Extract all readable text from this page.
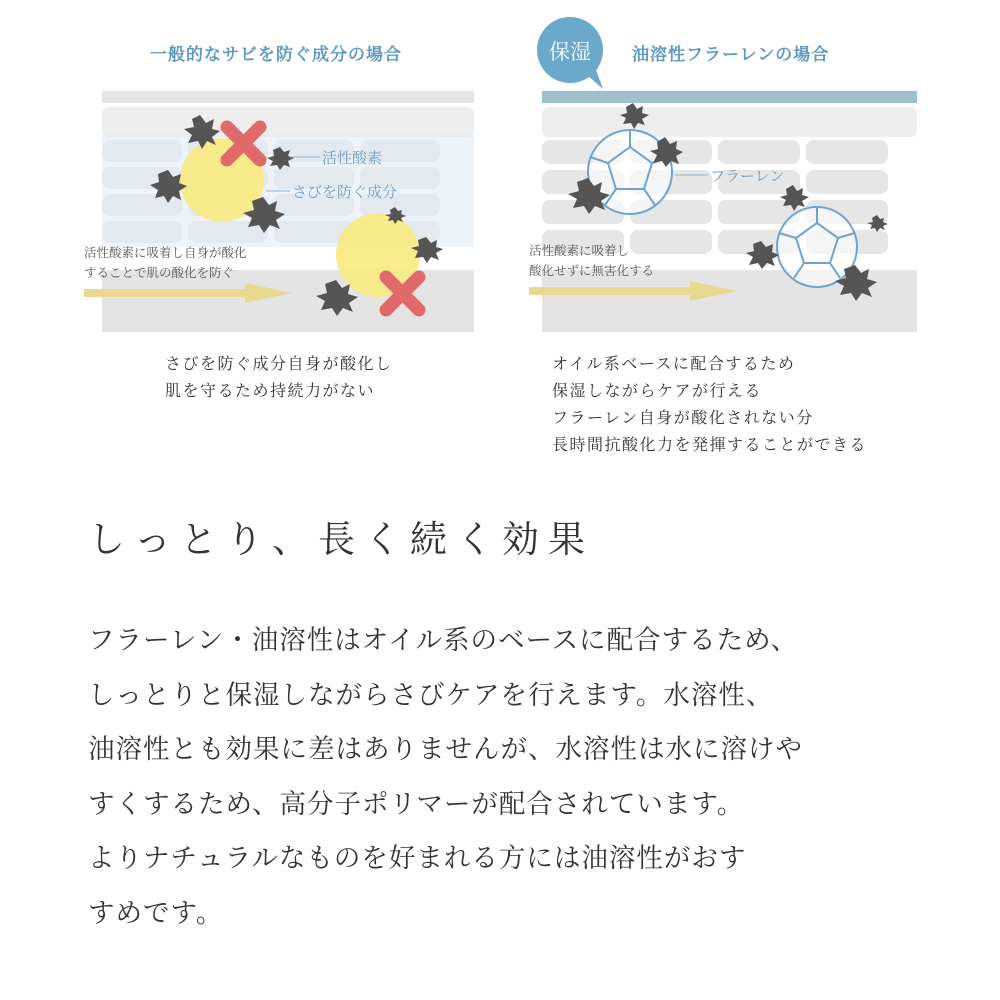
一般的なサビを防ぐ成分の場合
活性酸素
さびを防ぐ成分
活性酸素に吸着し自身が酸化
することで肌の酸化を防ぐ
さびを防ぐ成分自身が酸化し
肌を守るため持続力がない
保湿 油溶性フラーレンの場合
フラーレン
活性酸素に吸着し
酸化せずに無害化する
オイル系ベースに配合するため
保湿しながらケアが行える
フラーレン自身が酸化されない分
長時間抗酸化力を発揮することができる
しっとり、長く続く効果
フラーレン・油溶性はオイル系のベースに配合するため、
しっとりと保湿しながらさびケアを行えます。水溶性、
油溶性とも効果に差はありませんが、水溶性は水に溶けや
すくするため、高分子ポリマーが配合されています。
よりナチュラルなものを好まれる方には油溶性がおす
すめです。
